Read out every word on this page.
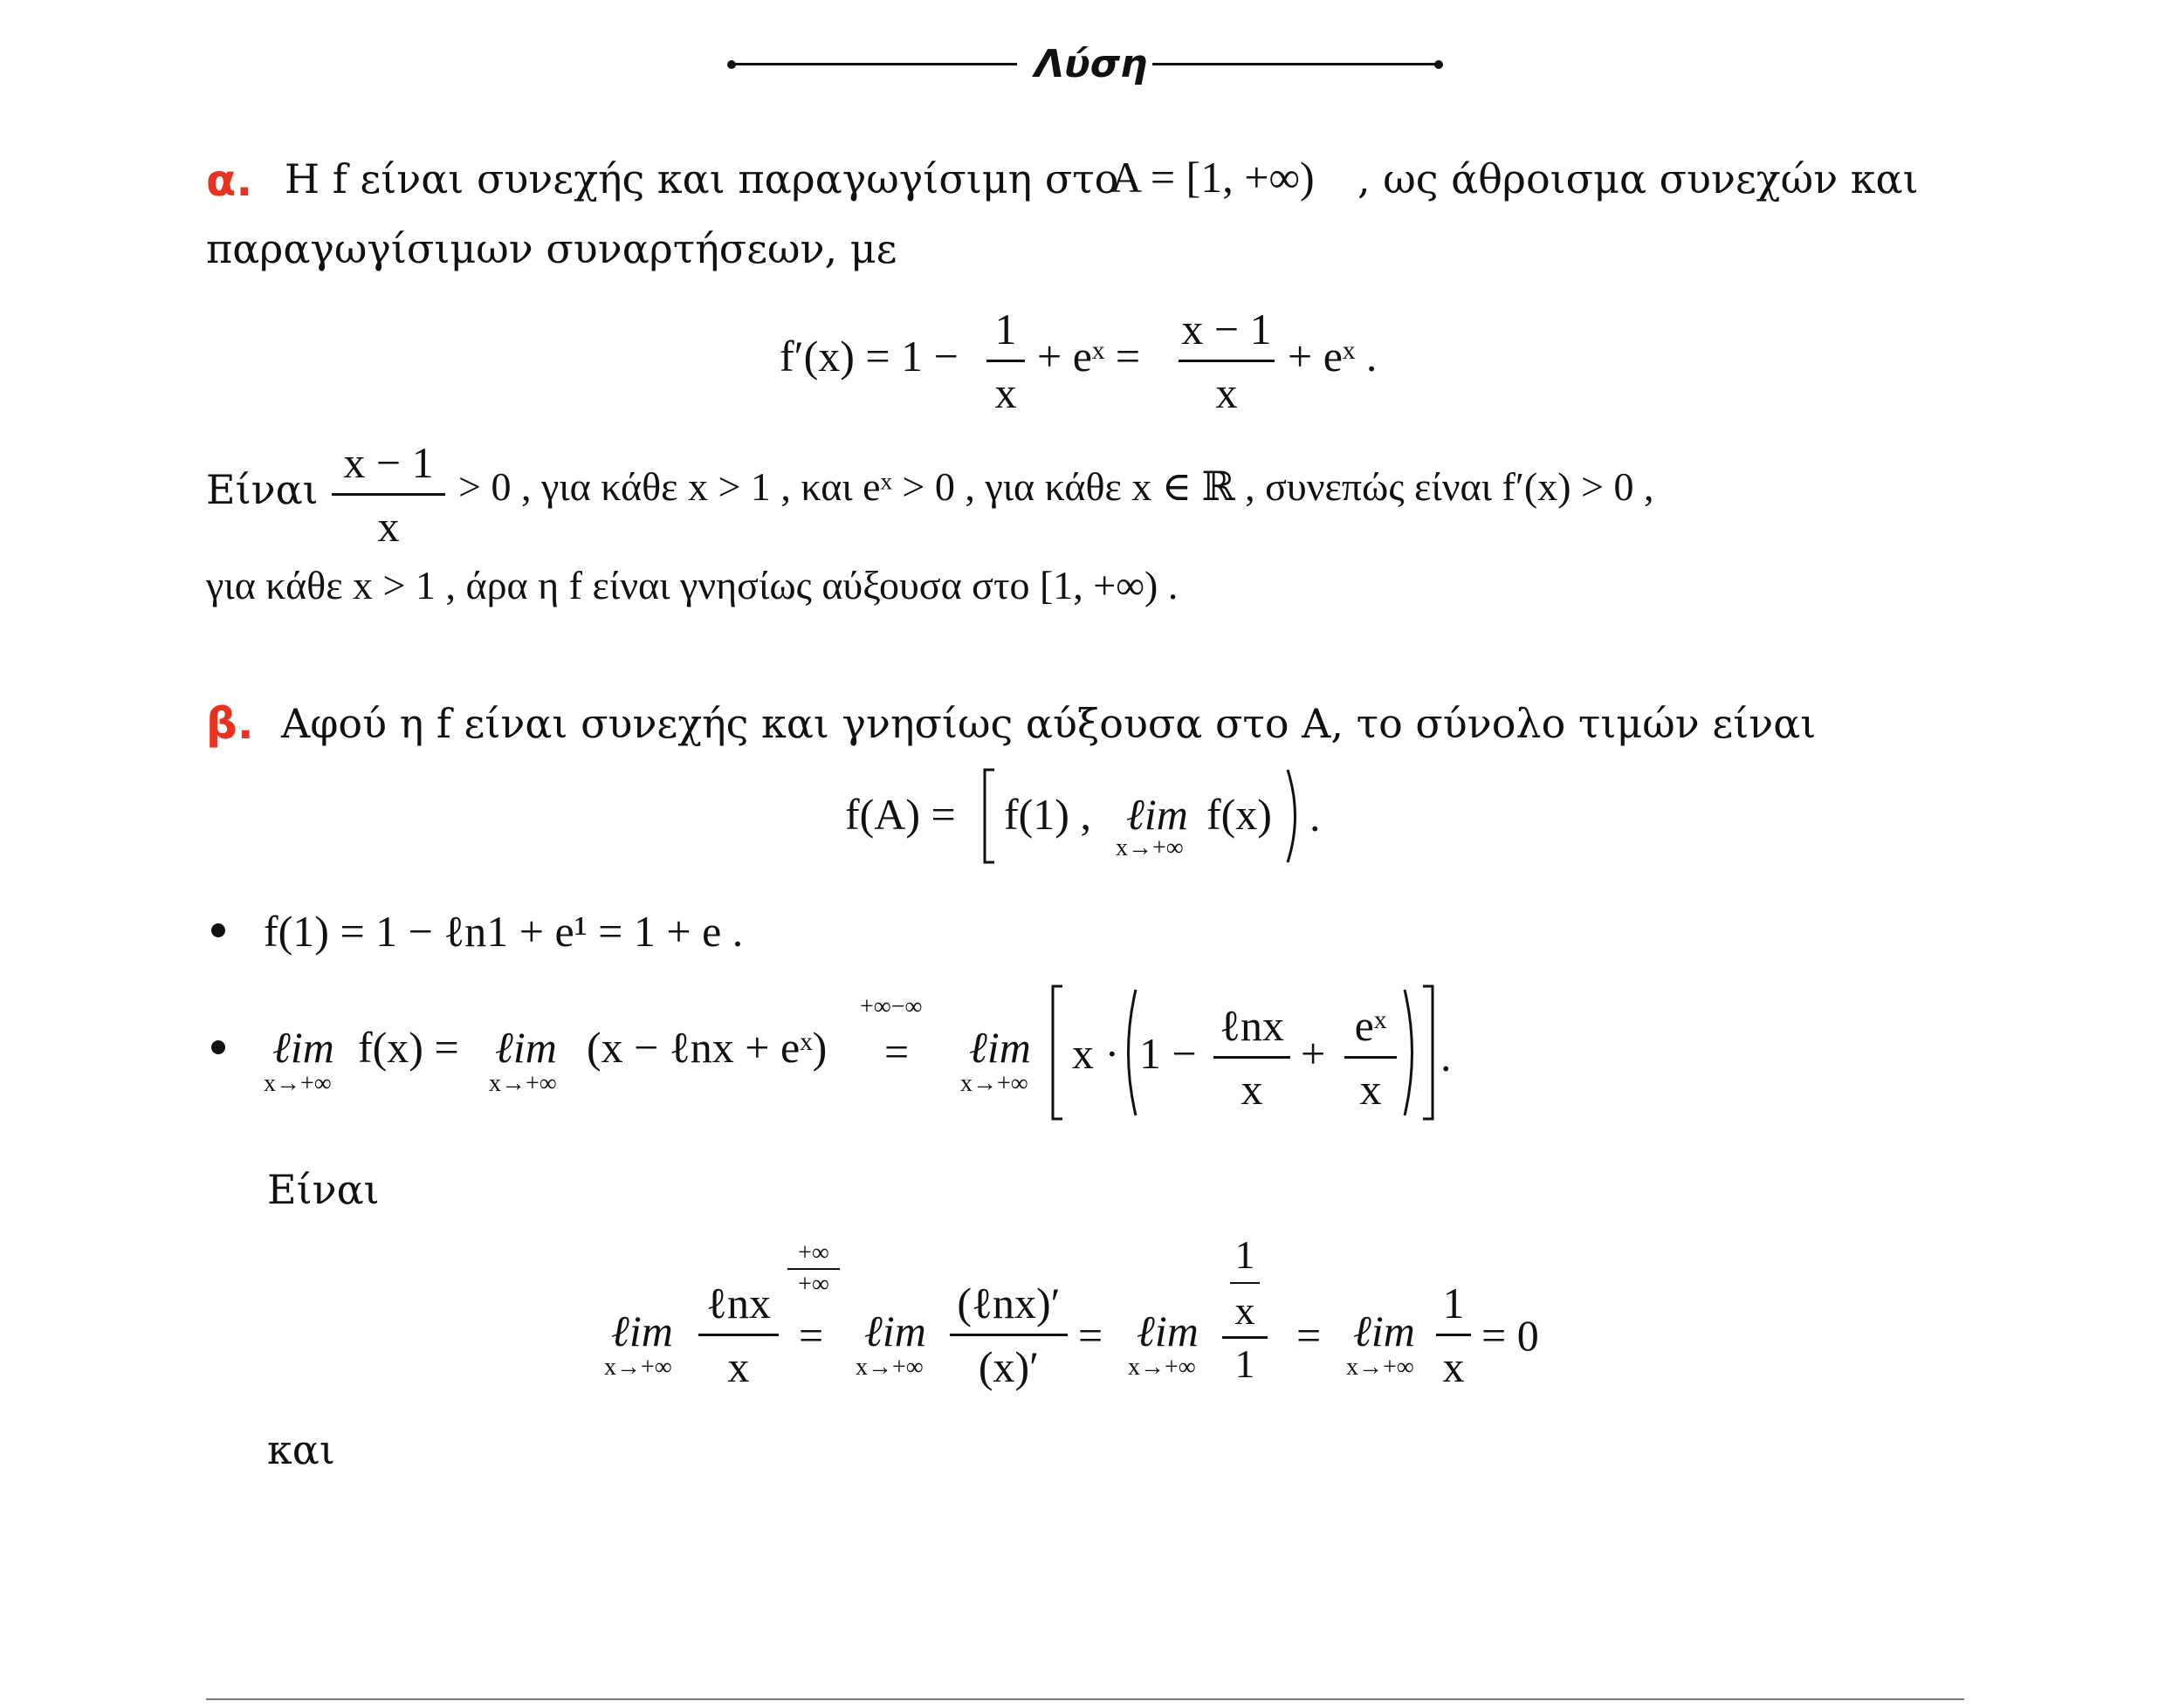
Λύση
α. Η f είναι συνεχής και παραγωγίσιμη στο
A = [1, +∞) , ως άθροισμα συνεχών και
παραγωγίσιμων συναρτήσεων, με
f′(x) = 1 −
1
x
+ eˣ =
x − 1
x
+ eˣ .
Είναι
x − 1
x
> 0 , για κάθε x > 1 , και eˣ > 0 , για κάθε x ∈ ℝ , συνεπώς είναι f′(x) > 0 ,
για κάθε x > 1 , άρα η f είναι γνησίως αύξουσα στο [1, +∞) .
β. Αφού η f είναι συνεχής και γνησίως αύξουσα στο Α, το σύνολο τιμών είναι
f(A) = f(1) , ℓim
x→+∞
f(x) .
f(1) = 1 − ℓn1 + e¹ = 1 + e .
ℓim
x→+∞
f(x) = ℓim
x→+∞
(x − ℓnx + eˣ)
+∞−∞
= ℓim
x→+∞
x · 1 −
ℓnx
x
+
eˣ
x
.
Είναι
ℓim
x→+∞
ℓnx
x
+∞
+∞
= ℓim
x→+∞
(ℓnx)′
(x)′
= ℓim
x→+∞
1
x
1
= ℓim
x→+∞
1
x
= 0
και
